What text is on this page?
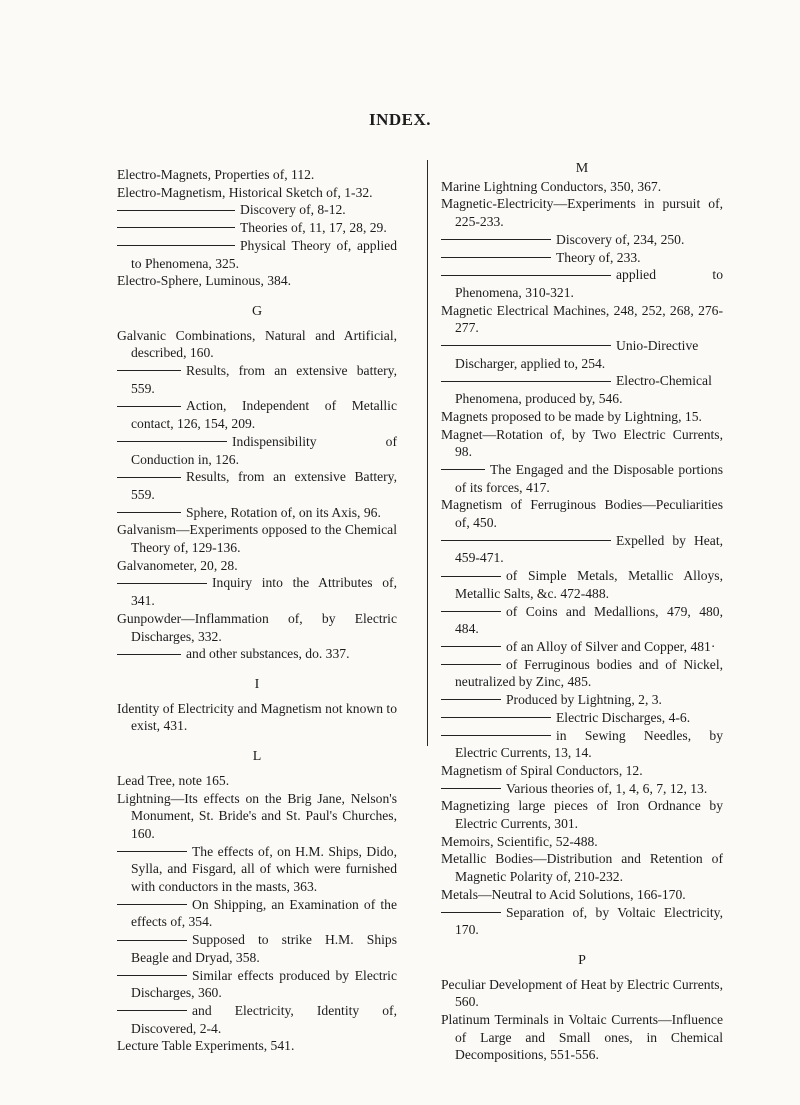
INDEX.

Electro-Magnets, Properties of, 112.

Electro-Magnetism, Historical Sketch of, 1-32.

Discovery of, 8-12.

Theories of, 11, 17, 28, 29.

Physical Theory of, applied to Phenomena, 325.

Electro-Sphere, Luminous, 384.

G

Galvanic Combinations, Natural and Artificial, described, 160.

Results, from an extensive battery, 559.

Action, Independent of Metallic contact, 126, 154, 209.

Indispensibility of Conduction in, 126.

Results, from an extensive Battery, 559.

Sphere, Rotation of, on its Axis, 96.

Galvanism—Experiments opposed to the Chemical Theory of, 129-136.

Galvanometer, 20, 28.

Inquiry into the Attributes of, 341.

Gunpowder—Inflammation of, by Electric Discharges, 332.

and other substances, do. 337.

I

Identity of Electricity and Magnetism not known to exist, 431.

L

Lead Tree, note 165.

Lightning—Its effects on the Brig Jane, Nelson's Monument, St. Bride's and St. Paul's Churches, 160.

The effects of, on H.M. Ships, Dido, Sylla, and Fisgard, all of which were furnished with conductors in the masts, 363.

On Shipping, an Examination of the effects of, 354.

Supposed to strike H.M. Ships Beagle and Dryad, 358.

Similar effects produced by Electric Discharges, 360.

and Electricity, Identity of, Discovered, 2-4.

Lecture Table Experiments, 541.

M

Marine Lightning Conductors, 350, 367.

Magnetic-Electricity—Experiments in pursuit of, 225-233.

Discovery of, 234, 250.

Theory of, 233.

applied to Phenomena, 310-321.

Magnetic Electrical Machines, 248, 252, 268, 276-277.

Unio-Directive Discharger, applied to, 254.

Electro-Chemical Phenomena, produced by, 546.

Magnets proposed to be made by Lightning, 15.

Magnet—Rotation of, by Two Electric Currents, 98.

The Engaged and the Disposable portions of its forces, 417.

Magnetism of Ferruginous Bodies—Peculiarities of, 450.

Expelled by Heat, 459-471.

of Simple Metals, Metallic Alloys, Metallic Salts, &c. 472-488.

of Coins and Medallions, 479, 480, 484.

of an Alloy of Silver and Copper, 481·

of Ferruginous bodies and of Nickel, neutralized by Zinc, 485.

Produced by Lightning, 2, 3.

Electric Discharges, 4-6.

in Sewing Needles, by Electric Currents, 13, 14.

Magnetism of Spiral Conductors, 12.

Various theories of, 1, 4, 6, 7, 12, 13.

Magnetizing large pieces of Iron Ordnance by Electric Currents, 301.

Memoirs, Scientific, 52-488.

Metallic Bodies—Distribution and Retention of Magnetic Polarity of, 210-232.

Metals—Neutral to Acid Solutions, 166-170.

Separation of, by Voltaic Electricity, 170.

P

Peculiar Development of Heat by Electric Currents, 560.

Platinum Terminals in Voltaic Currents—Influence of Large and Small ones, in Chemical Decompositions, 551-556.
